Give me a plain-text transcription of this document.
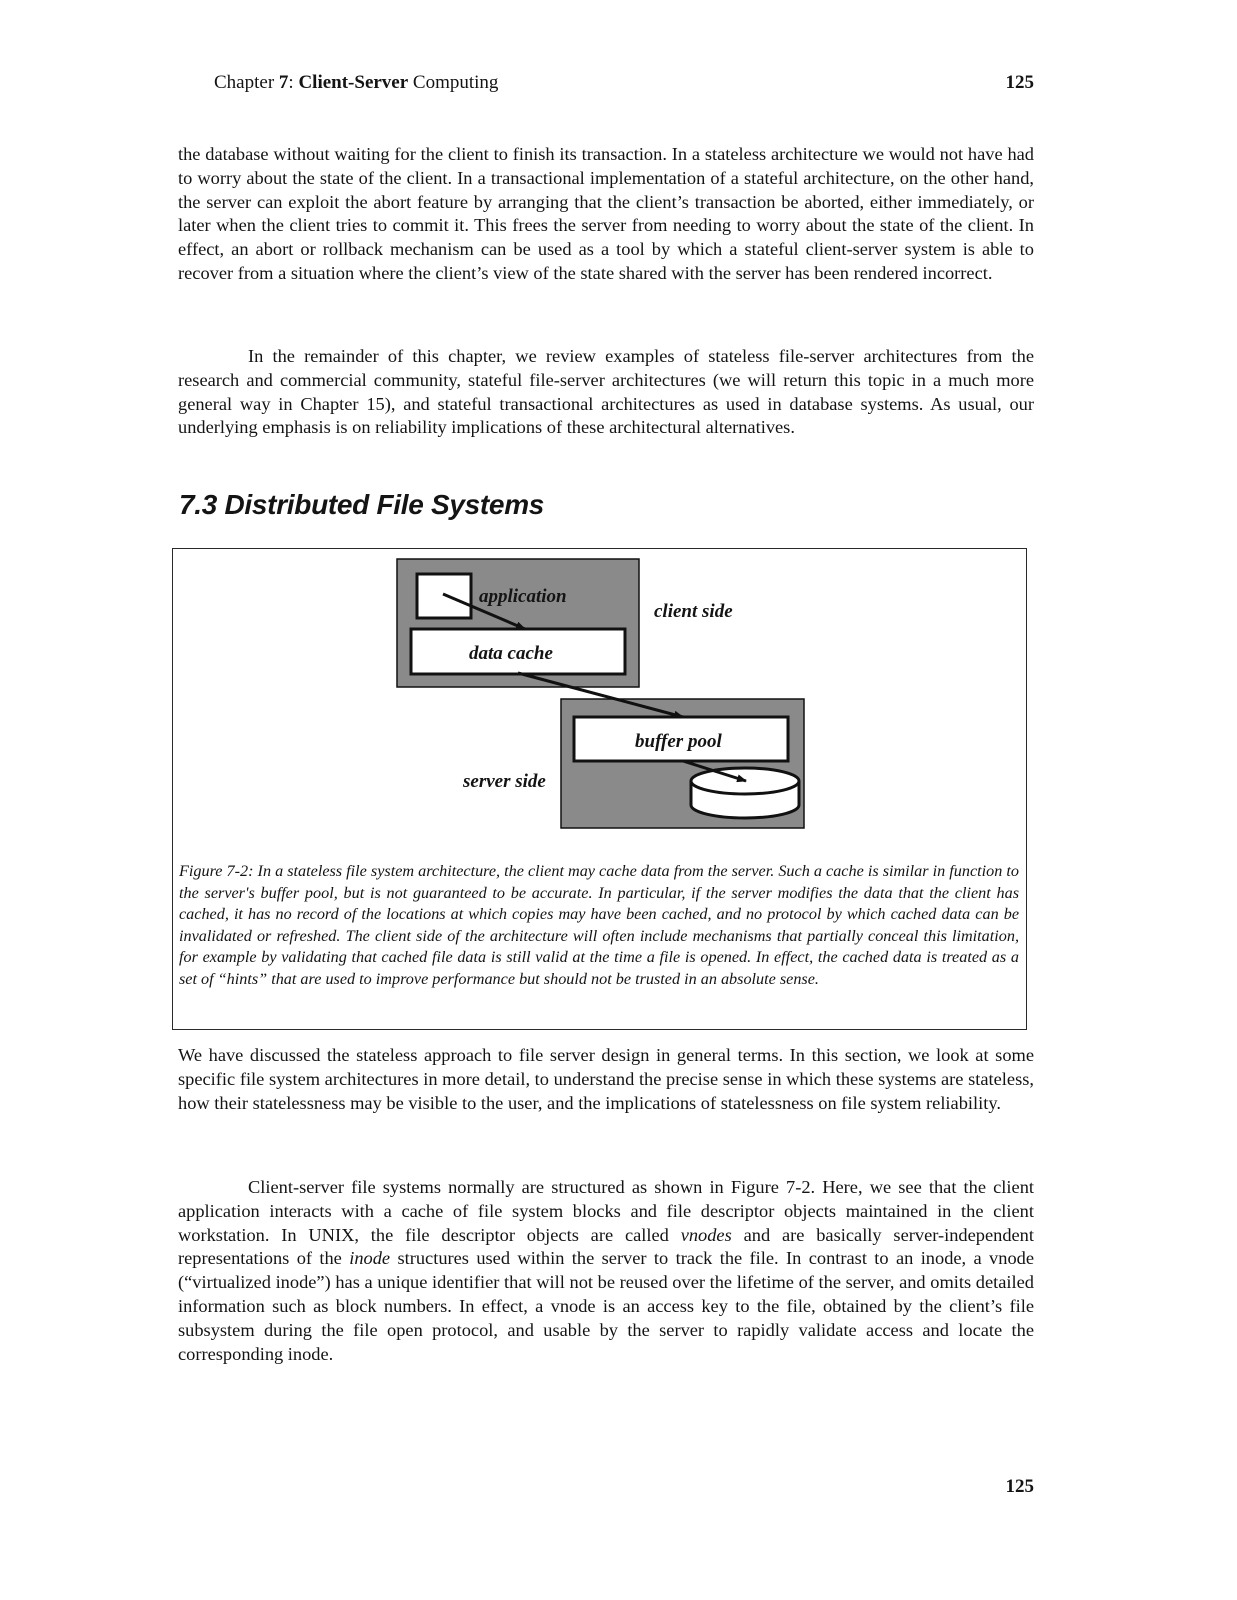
Chapter 7: Client-Server Computing	125

the database without waiting for the client to finish its transaction. In a stateless architecture we would not have had to worry about the state of the client. In a transactional implementation of a stateful architecture, on the other hand, the server can exploit the abort feature by arranging that the client’s transaction be aborted, either immediately, or later when the client tries to commit it. This frees the server from needing to worry about the state of the client. In effect, an abort or rollback mechanism can be used as a tool by which a stateful client-server system is able to recover from a situation where the client’s view of the state shared with the server has been rendered incorrect.

In the remainder of this chapter, we review examples of stateless file-server architectures from the research and commercial community, stateful file-server architectures (we will return this topic in a much more general way in Chapter 15), and stateful transactional architectures as used in database systems. As usual, our underlying emphasis is on reliability implications of these architectural alternatives.

7.3 Distributed File Systems
application
client side
data cache
buffer pool
server side

Figure 7-2: In a stateless file system architecture, the client may cache data from the server. Such a cache is similar in function to the server's buffer pool, but is not guaranteed to be accurate. In particular, if the server modifies the data that the client has cached, it has no record of the locations at which copies may have been cached, and no protocol by which cached data can be invalidated or refreshed. The client side of the architecture will often include mechanisms that partially conceal this limitation, for example by validating that cached file data is still valid at the time a file is opened. In effect, the cached data is treated as a set of “hints” that are used to improve performance but should not be trusted in an absolute sense.

We have discussed the stateless approach to file server design in general terms. In this section, we look at some specific file system architectures in more detail, to understand the precise sense in which these systems are stateless, how their statelessness may be visible to the user, and the implications of statelessness on file system reliability.

Client-server file systems normally are structured as shown in Figure 7-2. Here, we see that the client application interacts with a cache of file system blocks and file descriptor objects maintained in the client workstation. In UNIX, the file descriptor objects are called vnodes and are basically server-independent representations of the inode structures used within the server to track the file. In contrast to an inode, a vnode (“virtualized inode”) has a unique identifier that will not be reused over the lifetime of the server, and omits detailed information such as block numbers. In effect, a vnode is an access key to the file, obtained by the client’s file subsystem during the file open protocol, and usable by the server to rapidly validate access and locate the corresponding inode.

125
